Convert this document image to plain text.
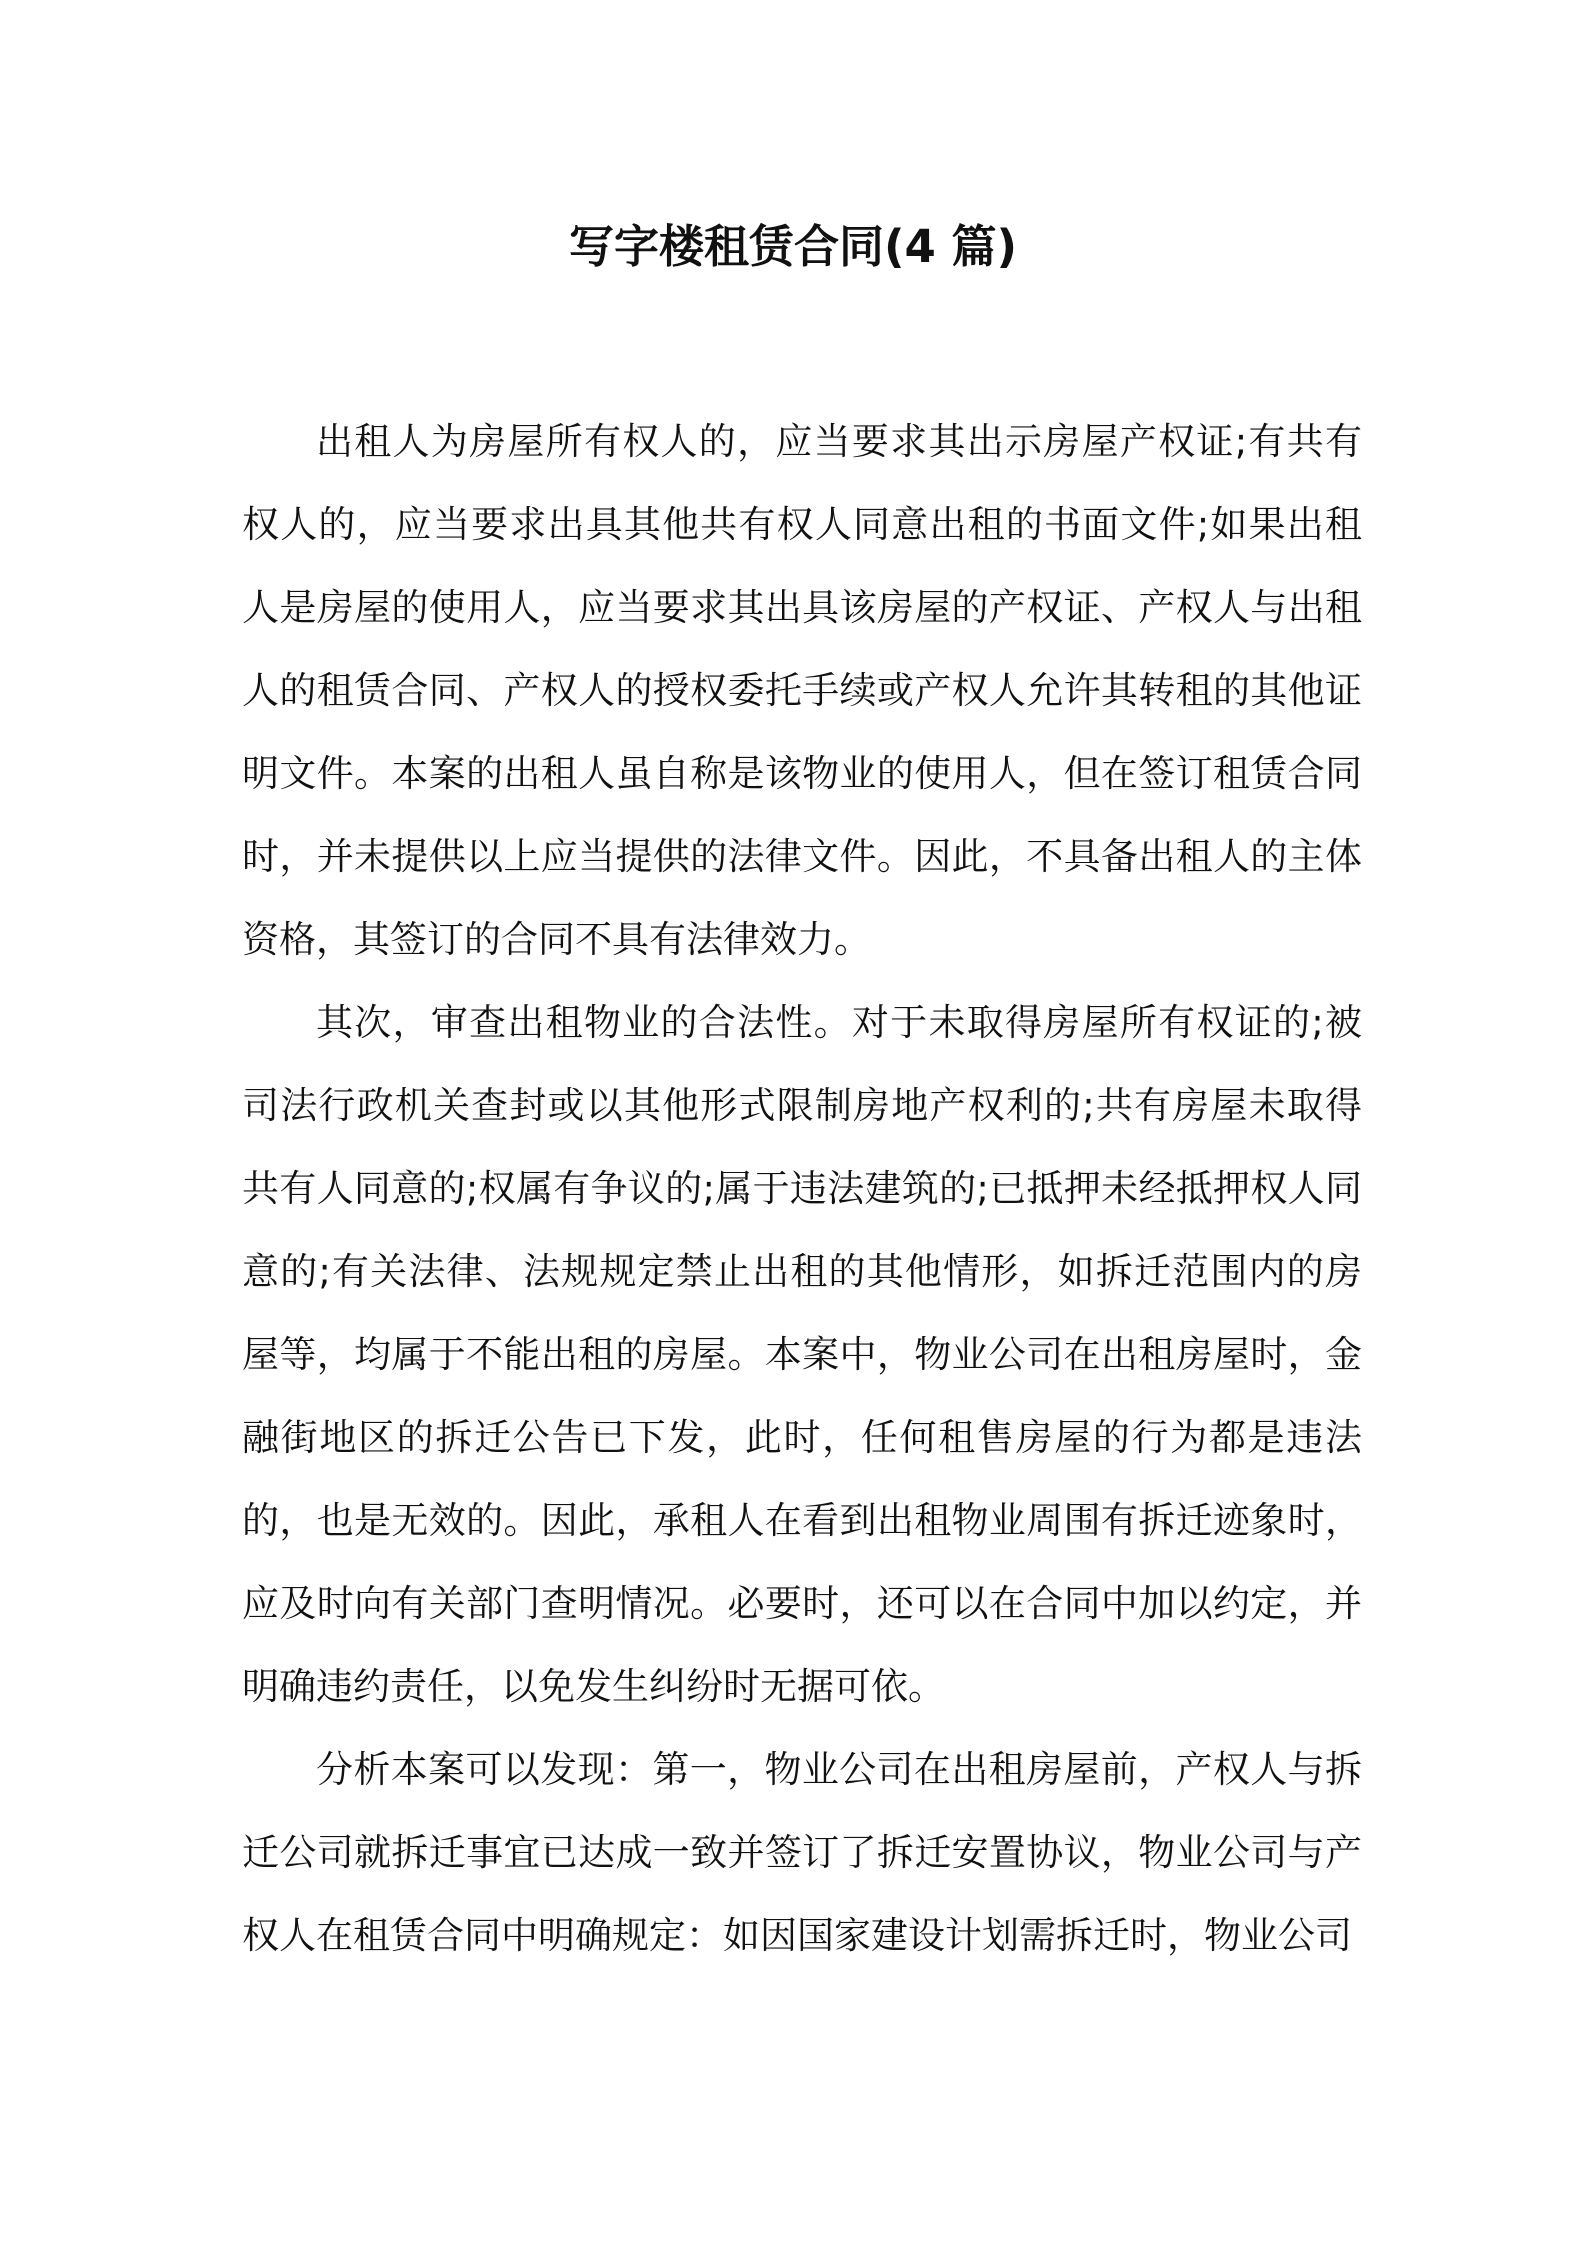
写字楼租赁合同(4 篇)

出租人为房屋所有权人的，应当要求其出示房屋产权证;有共有权人的，应当要求出具其他共有权人同意出租的书面文件;如果出租人是房屋的使用人，应当要求其出具该房屋的产权证、产权人与出租人的租赁合同、产权人的授权委托手续或产权人允许其转租的其他证明文件。本案的出租人虽自称是该物业的使用人，但在签订租赁合同时，并未提供以上应当提供的法律文件。因此，不具备出租人的主体资格，其签订的合同不具有法律效力。

其次，审查出租物业的合法性。对于未取得房屋所有权证的;被司法行政机关查封或以其他形式限制房地产权利的;共有房屋未取得共有人同意的;权属有争议的;属于违法建筑的;已抵押未经抵押权人同意的;有关法律、法规规定禁止出租的其他情形，如拆迁范围内的房屋等，均属于不能出租的房屋。本案中，物业公司在出租房屋时，金融街地区的拆迁公告已下发，此时，任何租售房屋的行为都是违法的，也是无效的。因此，承租人在看到出租物业周围有拆迁迹象时，应及时向有关部门查明情况。必要时，还可以在合同中加以约定，并明确违约责任，以免发生纠纷时无据可依。

分析本案可以发现：第一，物业公司在出租房屋前，产权人与拆迁公司就拆迁事宜已达成一致并签订了拆迁安置协议，物业公司与产权人在租赁合同中明确规定：如因国家建设计划需拆迁时，物业公司
